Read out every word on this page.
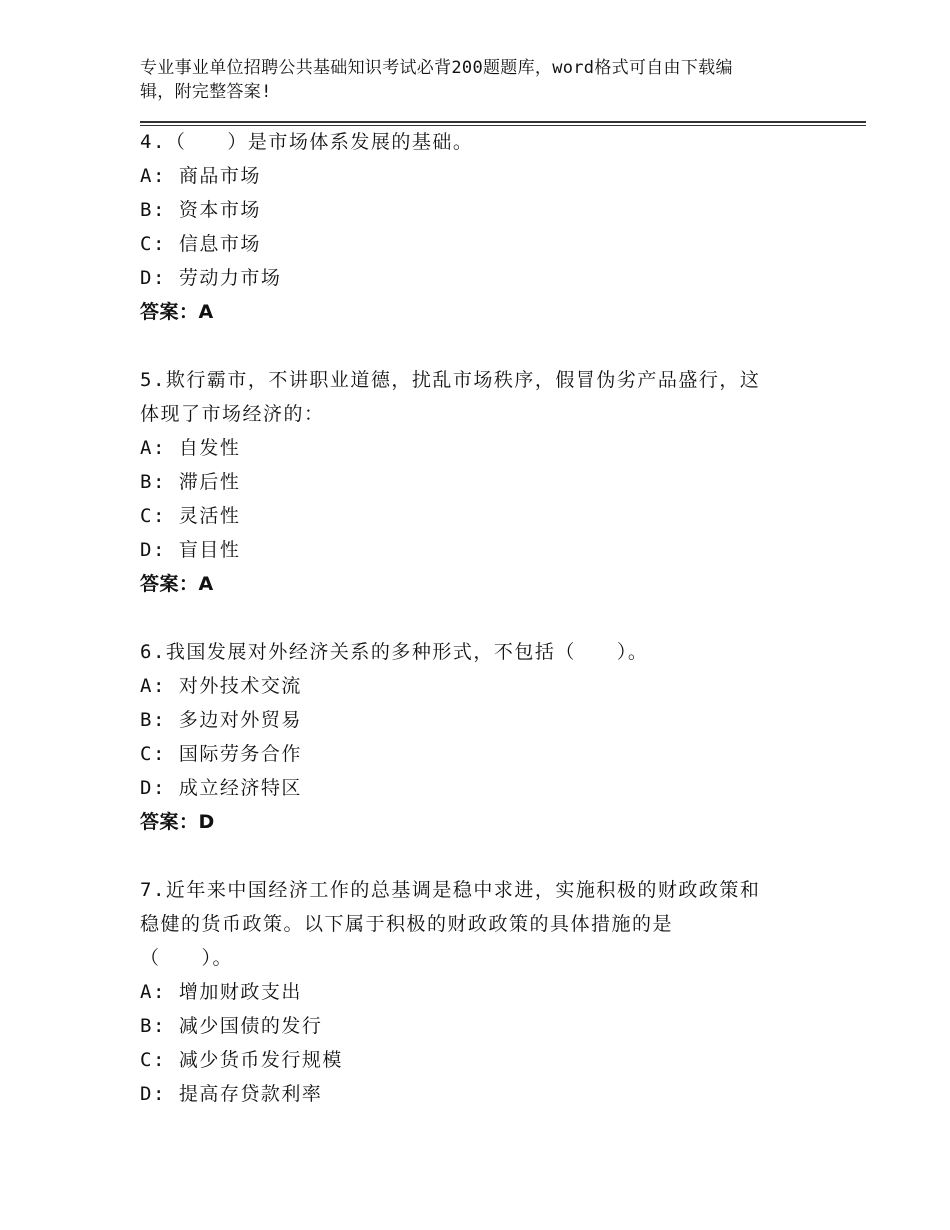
专业事业单位招聘公共基础知识考试必背200题题库，word格式可自由下载编
辑，附完整答案!
4.（　　）是市场体系发展的基础。
A: 商品市场
B: 资本市场
C: 信息市场
D: 劳动力市场
答案：A
5.欺行霸市，不讲职业道德，扰乱市场秩序，假冒伪劣产品盛行，这
体现了市场经济的：
A: 自发性
B: 滞后性
C: 灵活性
D: 盲目性
答案：A
6.我国发展对外经济关系的多种形式，不包括（　　）。
A: 对外技术交流
B: 多边对外贸易
C: 国际劳务合作
D: 成立经济特区
答案：D
7.近年来中国经济工作的总基调是稳中求进，实施积极的财政政策和
稳健的货币政策。以下属于积极的财政政策的具体措施的是
（　　）。
A: 增加财政支出
B: 减少国债的发行
C: 减少货币发行规模
D: 提高存贷款利率
